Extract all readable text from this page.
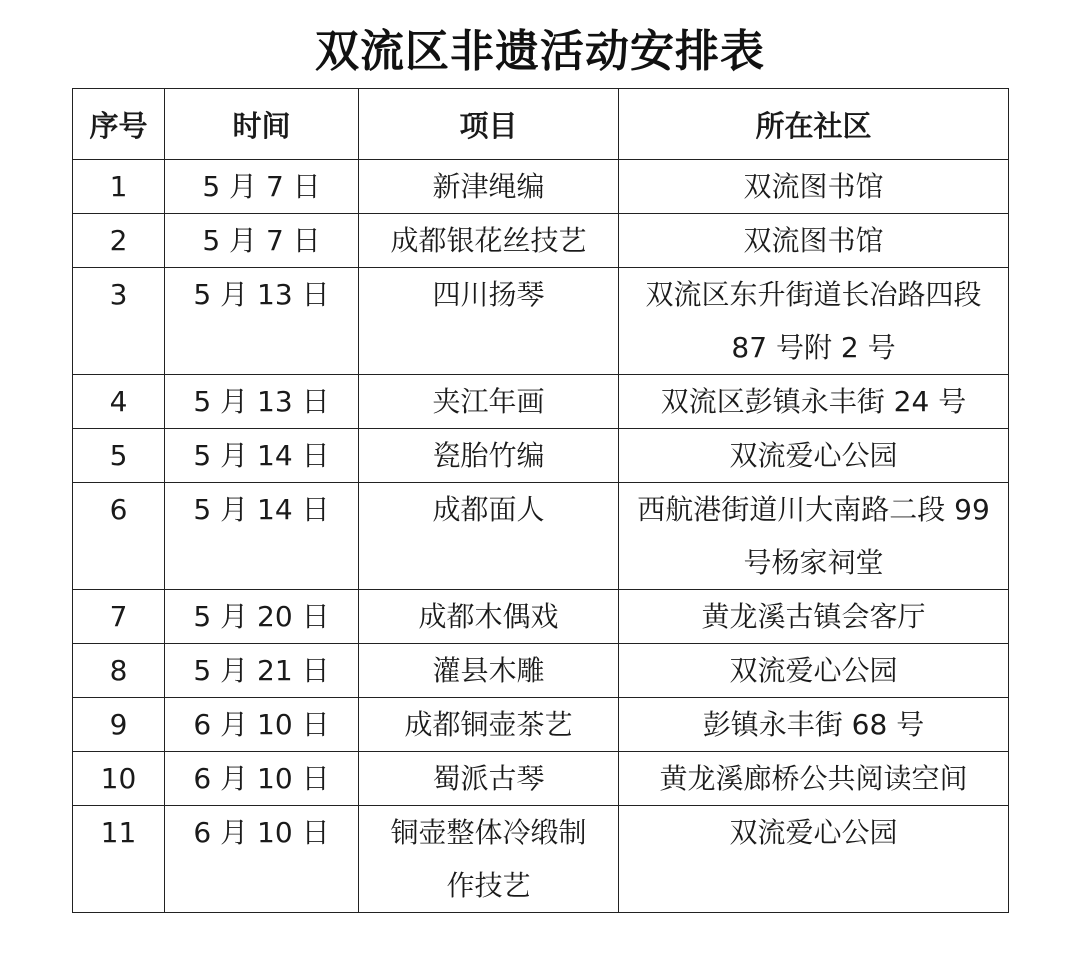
双流区非遗活动安排表
序号	时间	项目	所在社区

1	5 月 7 日	新津绳编	双流图书馆

2	5 月 7 日	成都银花丝技艺	双流图书馆

3	5 月 13 日	四川扬琴	双流区东升街道长冶路四段 87 号附 2 号

4	5 月 13 日	夹江年画	双流区彭镇永丰街 24 号

5	5 月 14 日	瓷胎竹编	双流爱心公园

6	5 月 14 日	成都面人	西航港街道川大南路二段 99 号杨家祠堂

7	5 月 20 日	成都木偶戏	黄龙溪古镇会客厅

8	5 月 21 日	灌县木雕	双流爱心公园

9	6 月 10 日	成都铜壶茶艺	彭镇永丰街 68 号

10	6 月 10 日	蜀派古琴	黄龙溪廊桥公共阅读空间

11	6 月 10 日	铜壶整体冷缎制作技艺	双流爱心公园
